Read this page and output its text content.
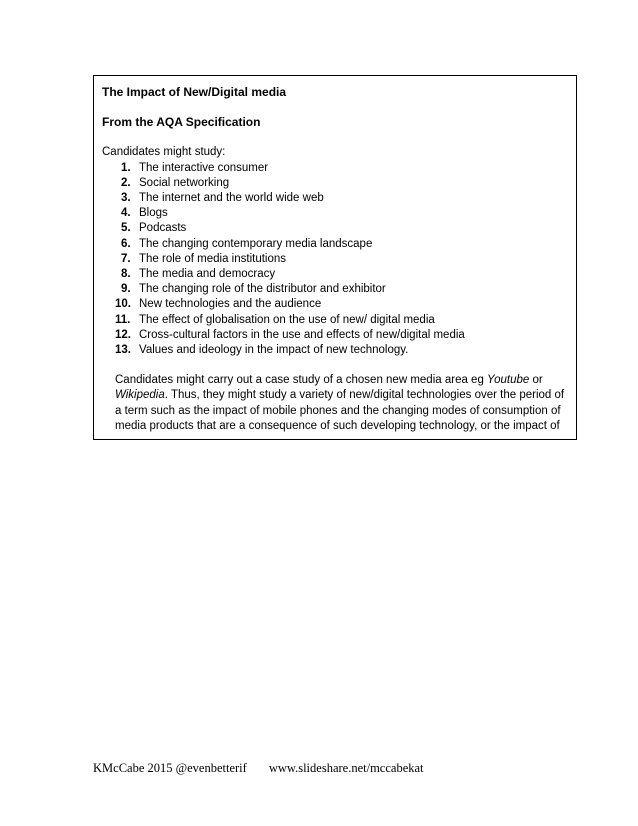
The Impact of New/Digital media

From the AQA Specification

Candidates might study:
1. The interactive consumer
2. Social networking
3. The internet and the world wide web
4. Blogs
5. Podcasts
6. The changing contemporary media landscape
7. The role of media institutions
8. The media and democracy
9. The changing role of the distributor and exhibitor
10. New technologies and the audience
11. The effect of globalisation on the use of new/ digital media
12. Cross-cultural factors in the use and effects of new/digital media
13. Values and ideology in the impact of new technology.
Candidates might carry out a case study of a chosen new media area eg Youtube or Wikipedia. Thus, they might study a variety of new/digital technologies over the period of a term such as the impact of mobile phones and the changing modes of consumption of media products that are a consequence of such developing technology, or the impact of
KMcCabe 2015 @evenbetterif www.slideshare.net/mccabekat
